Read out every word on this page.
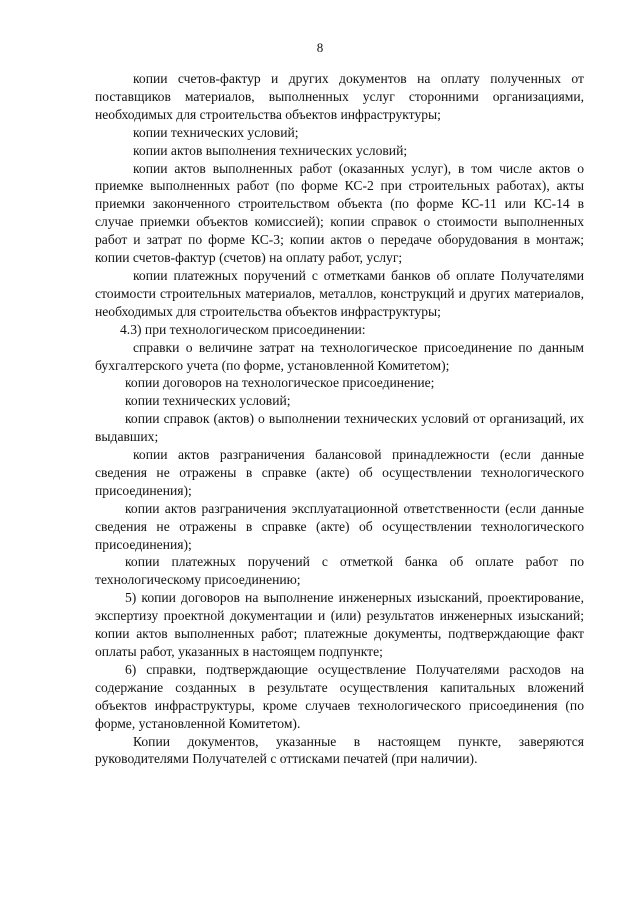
8

копии счетов-фактур и других документов на оплату полученных от поставщиков материалов, выполненных услуг сторонними организациями, необходимых для строительства объектов инфраструктуры;

копии технических условий;

копии актов выполнения технических условий;

копии актов выполненных работ (оказанных услуг), в том числе актов о приемке выполненных работ (по форме КС-2 при строительных работах), акты приемки законченного строительством объекта (по форме КС-11 или КС-14 в случае приемки объектов комиссией); копии справок о стоимости выполненных работ и затрат по форме КС-3; копии актов о передаче оборудования в монтаж; копии счетов-фактур (счетов) на оплату работ, услуг;

копии платежных поручений с отметками банков об оплате Получателями стоимости строительных материалов, металлов, конструкций и других материалов, необходимых для строительства объектов инфраструктуры;

4.3) при технологическом присоединении:

справки о величине затрат на технологическое присоединение по данным бухгалтерского учета (по форме, установленной Комитетом);

копии договоров на технологическое присоединение;

копии технических условий;

копии справок (актов) о выполнении технических условий от организаций, их выдавших;

копии актов разграничения балансовой принадлежности (если данные сведения не отражены в справке (акте) об осуществлении технологического присоединения);

копии актов разграничения эксплуатационной ответственности (если данные сведения не отражены в справке (акте) об осуществлении технологического присоединения);

копии платежных поручений с отметкой банка об оплате работ по технологическому присоединению;

5) копии договоров на выполнение инженерных изысканий, проектирование, экспертизу проектной документации и (или) результатов инженерных изысканий; копии актов выполненных работ; платежные документы, подтверждающие факт оплаты работ, указанных в настоящем подпункте;

6) справки, подтверждающие осуществление Получателями расходов на содержание созданных в результате осуществления капитальных вложений объектов инфраструктуры, кроме случаев технологического присоединения (по форме, установленной Комитетом).

Копии документов, указанные в настоящем пункте, заверяются руководителями Получателей с оттисками печатей (при наличии).
